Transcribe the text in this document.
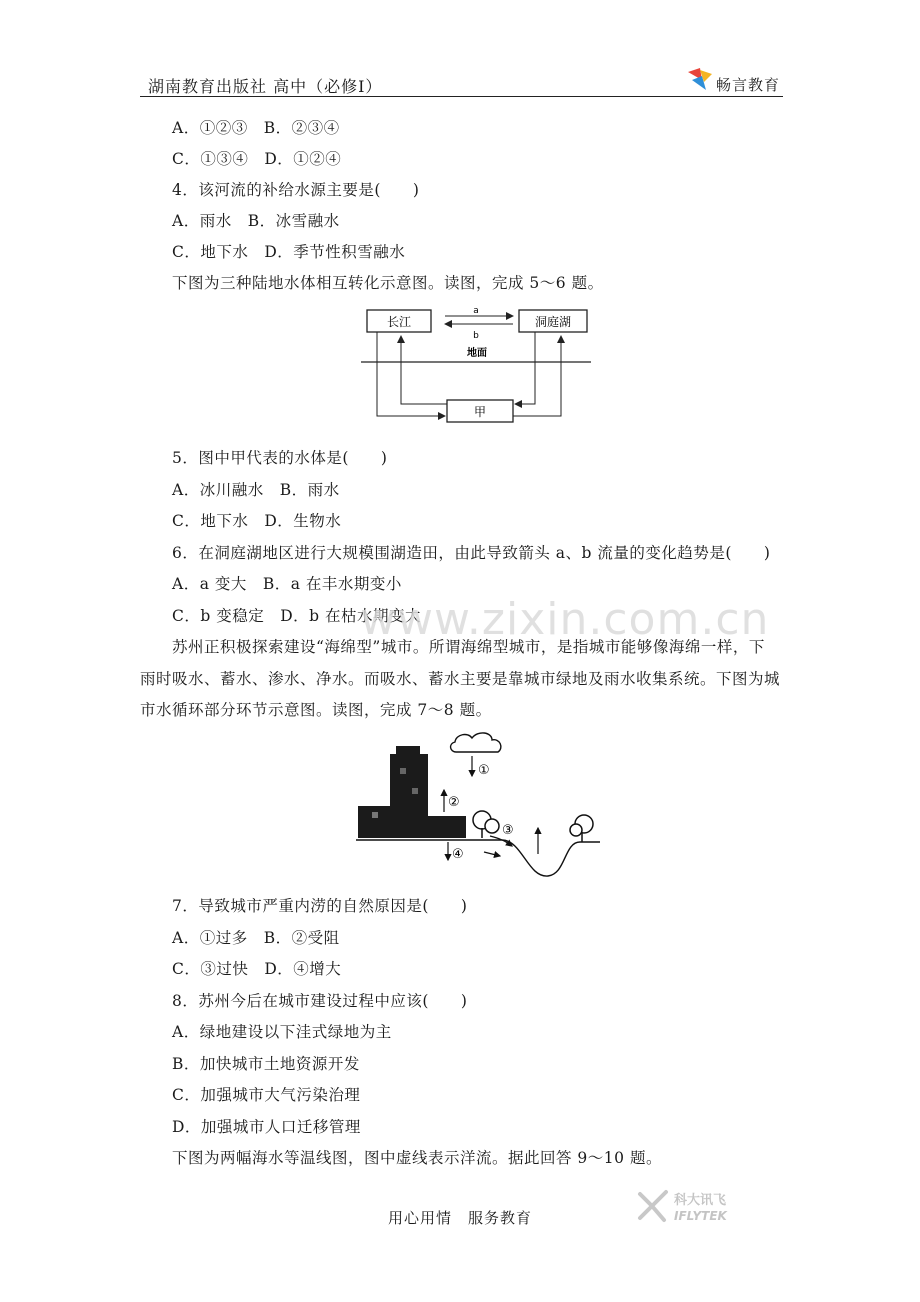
湖南教育出版社 高中（必修Ⅰ）	畅言教育
A．①②③　B．②③④
C．①③④　D．①②④
4．该河流的补给水源主要是(　　)
A．雨水　B．冰雪融水
C．地下水　D．季节性积雪融水
下图为三种陆地水体相互转化示意图。读图，完成 5～6 题。
长江	洞庭湖
a
b
地面
甲
5．图中甲代表的水体是(　　)
A．冰川融水　B．雨水
C．地下水　D．生物水
6．在洞庭湖地区进行大规模围湖造田，由此导致箭头 a、b 流量的变化趋势是(　　)
A．a 变大　B．a 在丰水期变小
C．b 变稳定　D．b 在枯水期变大
www.zixin.com.cn
苏州正积极探索建设“海绵型”城市。所谓海绵型城市，是指城市能够像海绵一样，下
雨时吸水、蓄水、渗水、净水。而吸水、蓄水主要是靠城市绿地及雨水收集系统。下图为城
市水循环部分环节示意图。读图，完成 7～8 题。
①
②
③
④
7．导致城市严重内涝的自然原因是(　　)
A．①过多　B．②受阻
C．③过快　D．④增大
8．苏州今后在城市建设过程中应该(　　)
A．绿地建设以下洼式绿地为主
B．加快城市土地资源开发
C．加强城市大气污染治理
D．加强城市人口迁移管理
下图为两幅海水等温线图，图中虚线表示洋流。据此回答 9～10 题。
用心用情　服务教育
科大讯飞
IFLYTEK
